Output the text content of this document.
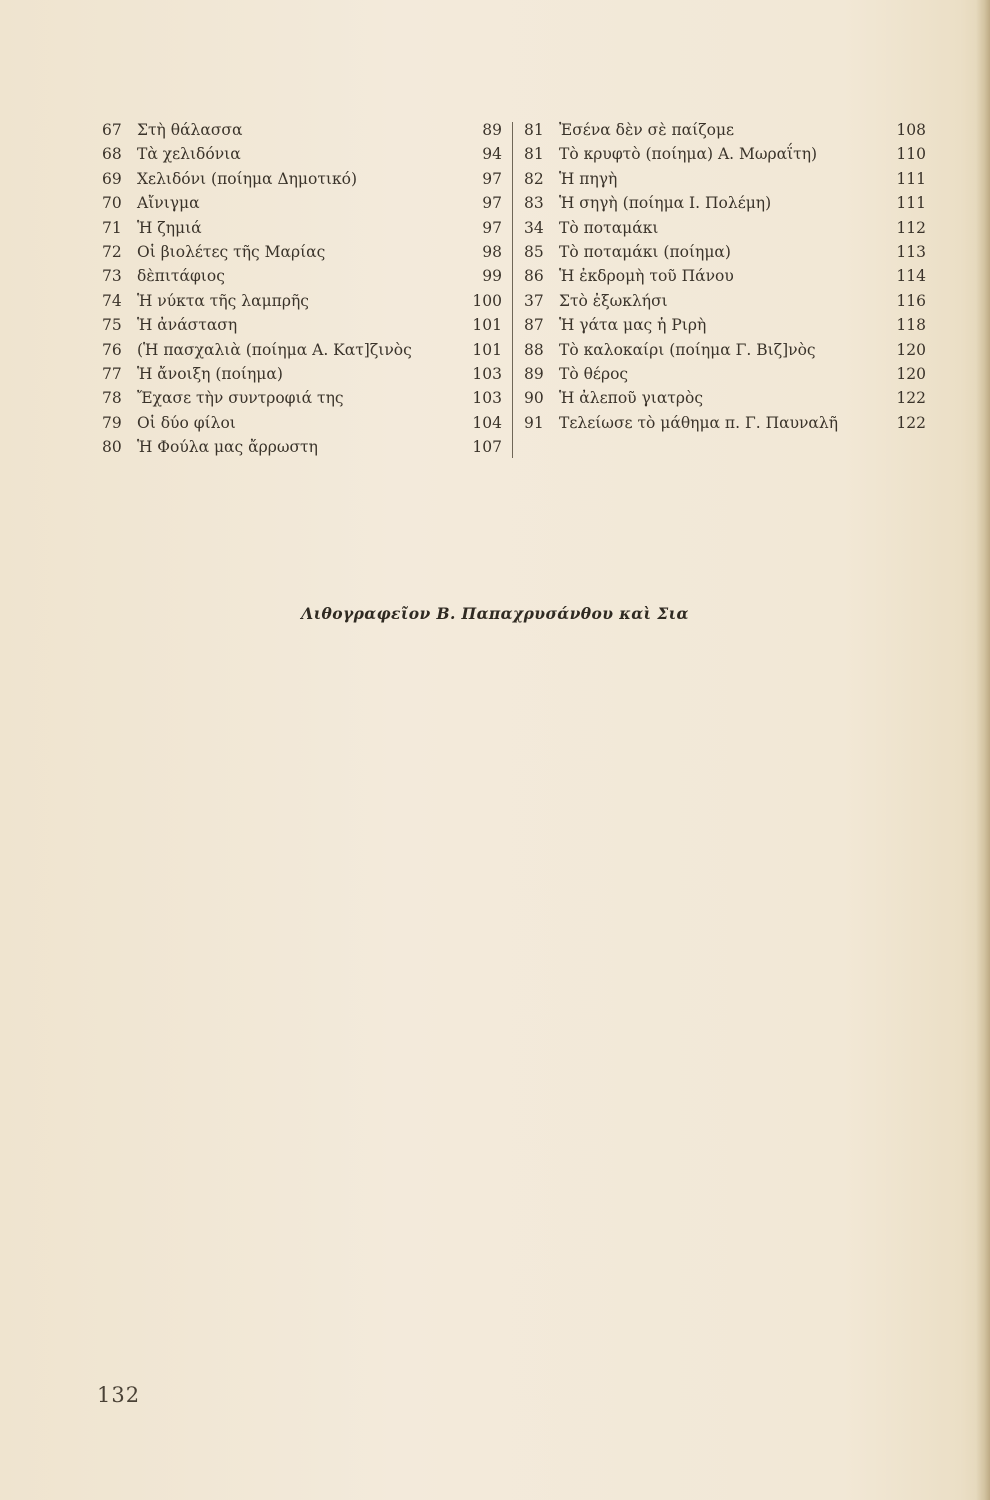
67 Στὴ θάλασσα	89
68 Τὰ χελιδόνια	94
69 Χελιδόνι (ποίημα Δημοτικό)	97
70 Αἴνιγμα	97
71 Ἡ ζημιά	97
72 Οἱ βιολέτες τῆς Μαρίας	98
73 δὲπιτάφιος	99
74 Ἡ νύκτα τῆς λαμπρῆς	100
75 Ἡ ἀνάσταση	101
76 (Ἡ πασχαλιὰ (ποίημα Α. Κατ]ζινὸς	101
77 Ἡ ἄνοιξη (ποίημα)	103
78 Ἔχασε τὴν συντροφιά της	103
79 Οἱ δύο φίλοι	104
80 Ἡ Φούλα μας ἄρρωστη	107
81 Ἐσένα δὲν σὲ παίζομε	108
81 Τὸ κρυφτὸ (ποίημα) Α. Μωραΐτη)	110
82 Ἡ πηγὴ	111
83 Ἡ σηγὴ (ποίημα Ι. Πολέμη)	111
34 Τὸ ποταμάκι	112
85 Τὸ ποταμάκι (ποίημα)	113
86 Ἡ ἐκδρομὴ τοῦ Πάνου	114
37 Στὸ ἐξωκλήσι	116
87 Ἡ γάτα μας ἡ Ριρὴ	118
88 Τὸ καλοκαίρι (ποίημα Γ. Βιζ]νὸς	120
89 Τὸ θέρος	120
90 Ἡ ἀλεποῦ γιατρὸς	122
91 Τελείωσε τὸ μάθημα π. Γ. Παυναλῆ	122
Λιθογραφεῖον Β. Παπαχρυσάνθου καὶ Σια
132
